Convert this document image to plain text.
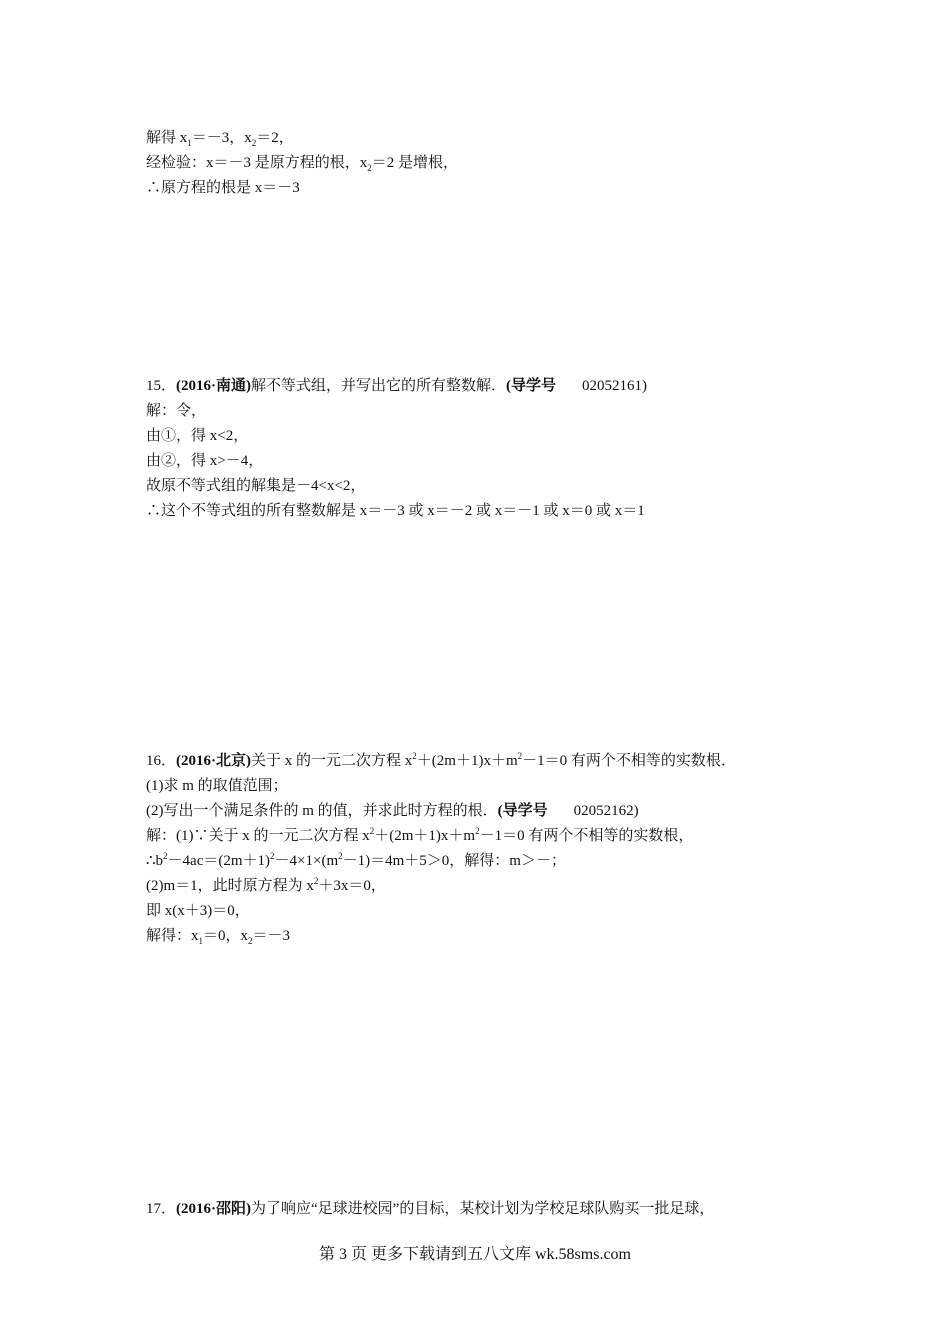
解得 $x_1=-3$，$x_2=2$，
经检验：x＝－3 是原方程的根，$x_2=2$ 是增根，
∴原方程的根是 x＝－3
15．(2016·南通)解不等式组，并写出它的所有整数解．(导学号 02052161)
解：令，
由①，得 x<2，
由②，得 x>－4，
故原不等式组的解集是－4<x<2，
∴这个不等式组的所有整数解是 x＝－3 或 x＝－2 或 x＝－1 或 x＝0 或 x＝1
16．(2016·北京)关于 x 的一元二次方程 $x^2+(2m+1)x+m^2-1=0$ 有两个不相等的实数根．
(1)求 m 的取值范围；
(2)写出一个满足条件的 m 的值，并求此时方程的根．(导学号 02052162)
解：(1)∵关于 x 的一元二次方程 $x^2+(2m+1)x+m^2-1=0$ 有两个不相等的实数根，
$\therefore b^2-4ac=(2m+1)^2-4\times 1\times(m^2-1)=4m+5>0$，解得：m＞－；
(2)m＝1，此时原方程为 $x^2+3x=0$，
即 x(x＋3)＝0，
解得：$x_1=0$，$x_2=-3$
17．(2016·邵阳)为了响应“足球进校园”的目标，某校计划为学校足球队购买一批足球，
第 3 页 更多下载请到五八文库 wk.58sms.com
